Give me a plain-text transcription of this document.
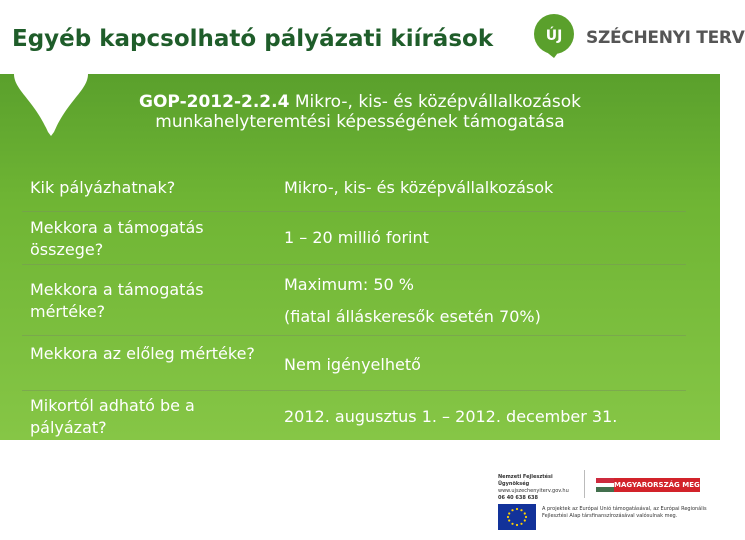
Egyéb kapcsolható pályázati kiírások	ÚJ SZÉCHENYI TERV
GOP-2012-2.2.4 Mikro-, kis- és középvállalkozások
munkahelyteremtési képességének támogatása
Kik pályázhatnak?	Mikro-, kis- és középvállalkozások
Mekkora a támogatás összege?
1 – 20 millió forint
Mekkora a támogatás mértéke?
Maximum: 50 %
(fiatal álláskeresők esetén 70%)
Mekkora az előleg mértéke?
Nem igényelhető
Mikortól adható be a pályázat?
2012. augusztus 1. – 2012. december 31.
Nemzeti Fejlesztési Ügynökség
www.ujszechenyiterv.gov.hu
06 40 638 638
MAGYARORSZÁG MEGÚJUL
A projektek az Európai Unió támogatásával, az Európai Regionális Fejlesztési Alap társfinanszírozásával valósulnak meg.
